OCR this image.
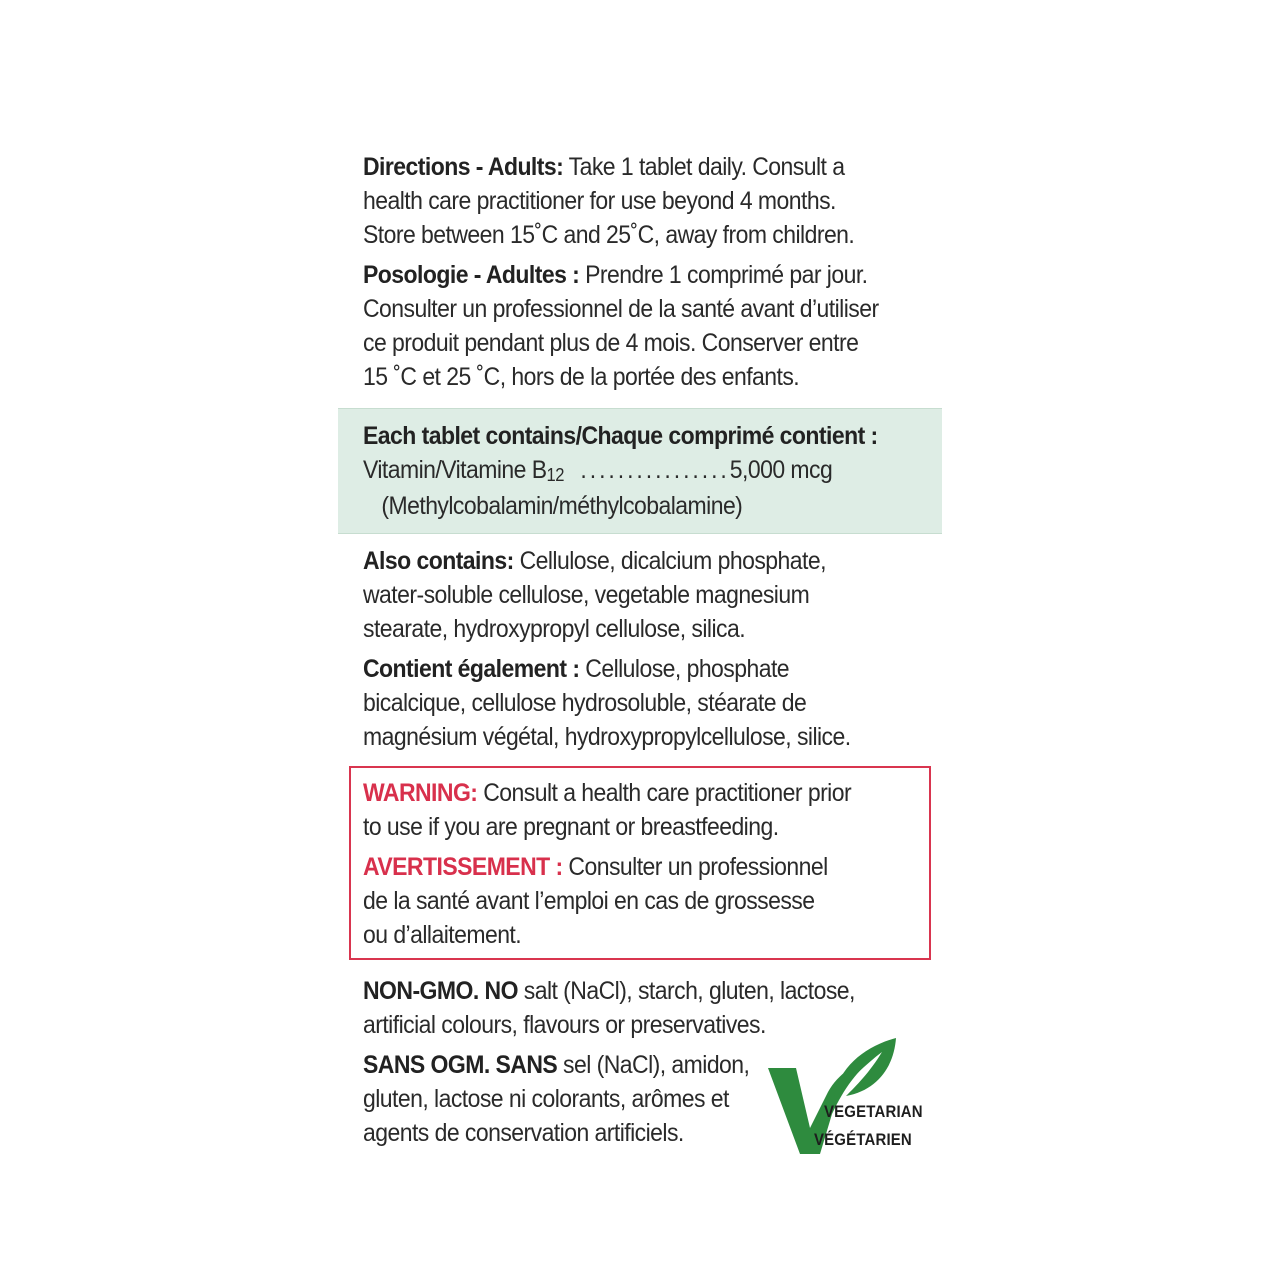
Directions - Adults: Take 1 tablet daily. Consult a
health care practitioner for use beyond 4 months.
Store between 15˚C and 25˚C, away from children.
Posologie - Adultes : Prendre 1 comprimé par jour.
Consulter un professionnel de la santé avant d’utiliser
ce produit pendant plus de 4 mois. Conserver entre
15 ˚C et 25 ˚C, hors de la portée des enfants.
Each tablet contains/Chaque comprimé contient :
Vitamin/Vitamine B 12 ................ 5,000 mcg
(Methylcobalamin/méthylcobalamine)
Also contains: Cellulose, dicalcium phosphate,
water-soluble cellulose, vegetable magnesium
stearate, hydroxypropyl cellulose, silica.
Contient également : Cellulose, phosphate
bicalcique, cellulose hydrosoluble, stéarate de
magnésium végétal, hydroxypropylcellulose, silice.
WARNING: Consult a health care practitioner prior
to use if you are pregnant or breastfeeding.
AVERTISSEMENT : Consulter un professionnel
de la santé avant l’emploi en cas de grossesse
ou d’allaitement.
NON-GMO. NO salt (NaCl), starch, gluten, lactose,
artificial colours, flavours or preservatives.
SANS OGM. SANS sel (NaCl), amidon,
gluten, lactose ni colorants, arômes et
agents de conservation artificiels.
VEGETARIAN
VÉGÉTARIEN
